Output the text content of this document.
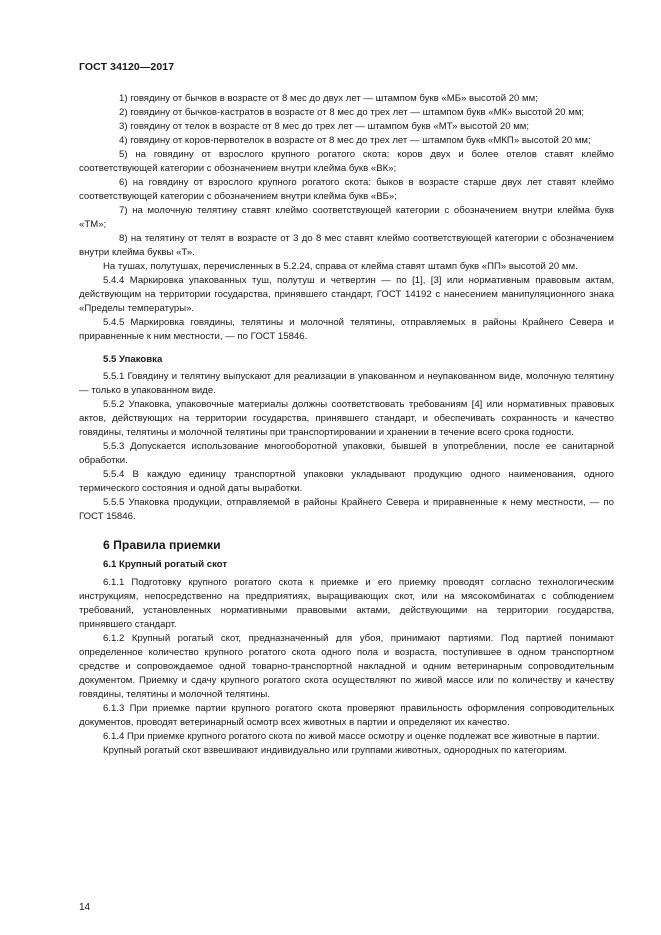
ГОСТ 34120—2017

1) говядину от бычков в возрасте от 8 мес до двух лет — штампом букв «МБ» высотой 20 мм;

2) говядину от бычков-кастратов в возрасте от 8 мес до трех лет — штампом букв «МК» высотой 20 мм;

3) говядину от телок в возрасте от 8 мес до трех лет — штампом букв «МТ» высотой 20 мм;

4) говядину от коров-первотелок в возрасте от 8 мес до трех лет — штампом букв «МКП» высотой 20 мм;

5) на говядину от взрослого крупного рогатого скота: коров двух и более отелов ставят клеймо соответствующей категории с обозначением внутри клейма букв «ВК»;

6) на говядину от взрослого крупного рогатого скота: быков в возрасте старше двух лет ставят клеймо соответствующей категории с обозначением внутри клейма букв «ВБ»;

7) на молочную телятину ставят клеймо соответствующей категории с обозначением внутри клейма букв «ТМ»;

8) на телятину от телят в возрасте от 3 до 8 мес ставят клеймо соответствующей категории с обозначением внутри клейма буквы «Т».

На тушах, полутушах, перечисленных в 5.2.24, справа от клейма ставят штамп букв «ПП» высотой 20 мм.

5.4.4 Маркировка упакованных туш, полутуш и четвертин — по [1], [3] или нормативным правовым актам, действующим на территории государства, принявшего стандарт, ГОСТ 14192 с нанесением манипуляционного знака «Пределы температуры».

5.4.5 Маркировка говядины, телятины и молочной телятины, отправляемых в районы Крайнего Севера и приравненные к ним местности, — по ГОСТ 15846.

5.5 Упаковка

5.5.1 Говядину и телятину выпускают для реализации в упакованном и неупакованном виде, молочную телятину — только в упакованном виде.

5.5.2 Упаковка, упаковочные материалы должны соответствовать требованиям [4] или нормативных правовых актов, действующих на территории государства, принявшего стандарт, и обеспечивать сохранность и качество говядины, телятины и молочной телятины при транспортировании и хранении в течение всего срока годности.

5.5.3 Допускается использование многооборотной упаковки, бывшей в употреблении, после ее санитарной обработки.

5.5.4 В каждую единицу транспортной упаковки укладывают продукцию одного наименования, одного термического состояния и одной даты выработки.

5.5.5 Упаковка продукции, отправляемой в районы Крайнего Севера и приравненные к нему местности, — по ГОСТ 15846.

6 Правила приемки

6.1 Крупный рогатый скот

6.1.1 Подготовку крупного рогатого скота к приемке и его приемку проводят согласно технологическим инструкциям, непосредственно на предприятиях, выращивающих скот, или на мясокомбинатах с соблюдением требований, установленных нормативными правовыми актами, действующими на территории государства, принявшего стандарт.

6.1.2 Крупный рогатый скот, предназначенный для убоя, принимают партиями. Под партией понимают определенное количество крупного рогатого скота одного пола и возраста, поступившее в одном транспортном средстве и сопровождаемое одной товарно-транспортной накладной и одним ветеринарным сопроводительным документом. Приемку и сдачу крупного рогатого скота осуществляют по живой массе или по количеству и качеству говядины, телятины и молочной телятины.

6.1.3 При приемке партии крупного рогатого скота проверяют правильность оформления сопроводительных документов, проводят ветеринарный осмотр всех животных в партии и определяют их качество.

6.1.4 При приемке крупного рогатого скота по живой массе осмотру и оценке подлежат все животные в партии.

Крупный рогатый скот взвешивают индивидуально или группами животных, однородных по категориям.

14
